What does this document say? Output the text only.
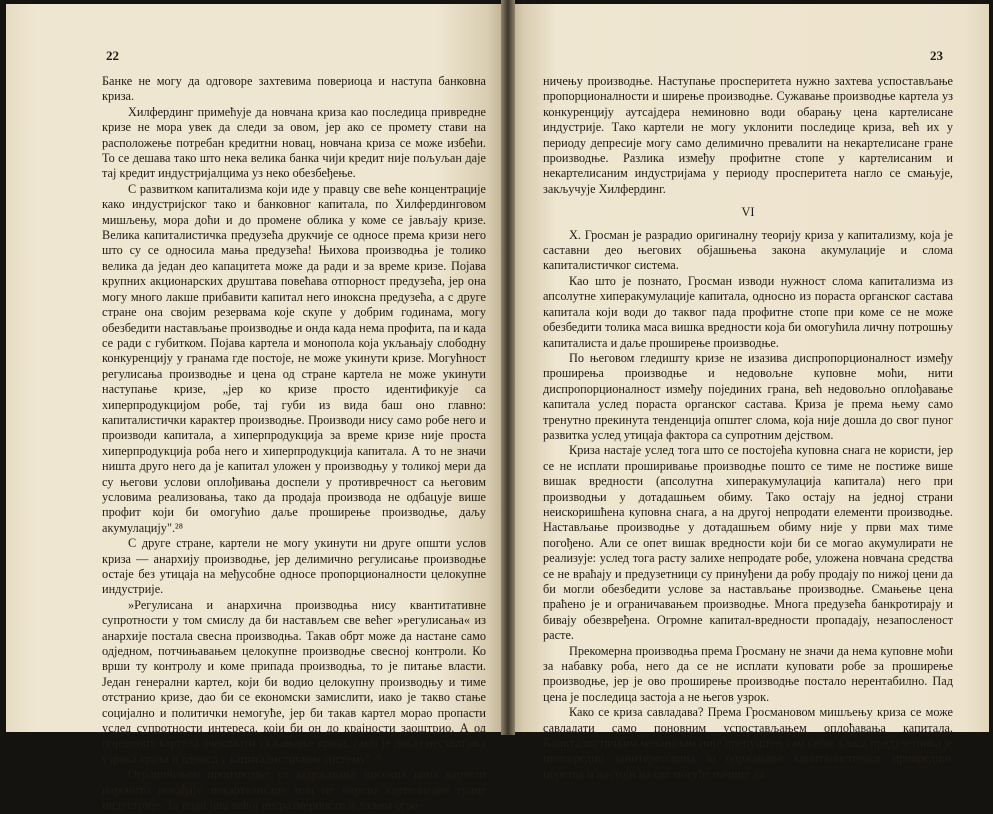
22

Банке не могу да одговоре захтевима повериоца и наступа банковна криза.

Хилфердинг примећује да новчана криза као последица привредне кризе не мора увек да следи за овом, јер ако се промету стави на расположење потребан кредитни новац, новчана криза се може избећи. То се дешава тако што нека велика банка чији кредит није пољуљан даје тај кредит индустријалцима уз неко обезбеђење.

С развитком капитализма који иде у правцу све веће концентрације како индустријског тако и банковног капитала, по Хилфердинговом мишљењу, мора доћи и до промене облика у коме се јављају кризе. Велика капиталистичка предузећа друкчије се односе према кризи него што су се односила мања предузећа! Њихова производња је толико велика да један део капацитета може да ради и за време кризе. Појава крупних акционарских друштава повећава отпорност предузећа, јер она могу много лакше прибавити капитал него иноксна предузећа, а с друге стране она својим резервама које скупе у добрим годинама, могу обезбедити настављање производње и онда када нема профита, па и када се ради с губитком. Појава картела и монопола која укљањају слободну конкуренцију у гранама где постоје, не може укинути кризе. Могућност регулисања производње и цена од стране картела не може укинути наступање кризе, „јер ко кризе просто идентификује са хиперпродукцијом робе, тај губи из вида баш оно главно: капиталистички карактер производње. Производи нису само робе него и производи капитала, а хиперпродукција за време кризе није проста хиперпродукција роба него и хиперпродукција капитала. А то не значи ништа друго него да је капитал уложен у производњу у толикој мери да су његови услови оплођивања доспели у противречност са његовим условима реализовања, тако да продаја производа не одбацује више профит који би омогућио даље проширење производње, даљу акумулацију".²⁸

С друге стране, картели не могу укинути ни друге општи услов криза — анархију производње, јер делимично регулисање производње остаје без утицаја на међусобне односе пропорционалности целокупне индустрије.

»Регулисана и анархична производња нису квантитативне супротности у том смислу да би настављем све већег »регулисања« из анархије постала свесна производња. Такав обрт може да настане само одједном, потчињавањем целокупне производње свесној контроли. Ко врши ту контролу и коме припада производња, то је питање власти. Један генерални картел, који би водио целокупну производњу и тиме отстранио кризе, дао би се економски замислити, иако је такво стање социјално и политички немогуће, јер би такав картел морао пропасти услед супротности интереса, који би он до крајности заоштрио. А од појединих картела очекивати укљањање криза, само је доказ несхватања узрока криза и односа у капиталистичком систему".²⁸

Ограничењем производње уз задржавање високих цена картели нарочито погађају некартелисане или не чврсто картелисане гране индустрије. То води још већој несразмерности и даљем огра-

23

ничењу производње. Наступање просперитета нужно захтева успостављање пропорционалности и ширење производње. Сужавање производње картела уз конкуренцију аутсајдера неминовно води обарању цена картелисане индустрије. Тако картели не могу уклонити последице криза, већ их у периоду депресије могу само делимично превалити на некартелисане гране производње. Разлика између профитне стопе у картелисаним и некартелисаним индустријама у периоду просперитета нагло се смањује, закључује Хилфердинг.

VI

Х. Гросман је разрадио оригиналну теорију криза у капитализму, која је саставни део његових објашњења закона акумулације и слома капиталистичког система.

Као што је познато, Гросман изводи нужност слома капитализма из апсолутне хиперакумулације капитала, односно из пораста органског састава капитала који води до таквог пада профитне стопе при коме се не може обезбедити толика маса вишка вредности која би омогућила личну потрошњу капиталиста и даље проширење производње.

По његовом гледишту кризе не изазива диспропорционалност између проширења производње и недовољне куповне моћи, нити диспропорционалност између појединих грана, већ недовољно оплођавање капитала услед пораста органског састава. Криза је према њему само тренутно прекинута тенденција општег слома, која није дошла до свог пуног развитка услед утицаја фактора са супротним дејством.

Криза настаје услед тога што се постојећа куповна снага не користи, јер се не исплати проширивање производње пошто се тиме не постиже више вишак вредности (апсолутна хиперакумулација капитала) него при производњи у дотадашњем обиму. Тако остају на једној страни неискоришћена куповна снага, а на другој непродати елементи производње. Настављање производње у дотадашњем обиму није у први мах тиме погођено. Али се опет вишак вредности који би се могао акумулирати не реализује: услед тога расту залихе непродате робе, уложена новчана средства се не враћају и предузетници су принуђени да робу продају по нижој цени да би могли обезбедити услове за настављање производње. Смањење цена праћено је и ограничавањем производње. Многа предузећа банкротирају и бивају обезвређена. Огромне капитал-вредности пропадају, незапосленост расте.

Прекомерна производња према Гросману не значи да нема куповне моћи за набавку роба, него да се не исплати куповати робе за проширење производње, јер је ово проширење производње постало нерентабилно. Пад цена је последица застоја а не његов узрок.

Како се криза савладава? Према Гросмановом мишљењу криза се може савладати само поновним успостављањем оплођавања капитала. Капиталистичким механизам није препуштен сам себи: класа предузетника је непосредно заинтересована за одржавање капиталистичког привредног поретка и настоји на све могуће начине да
